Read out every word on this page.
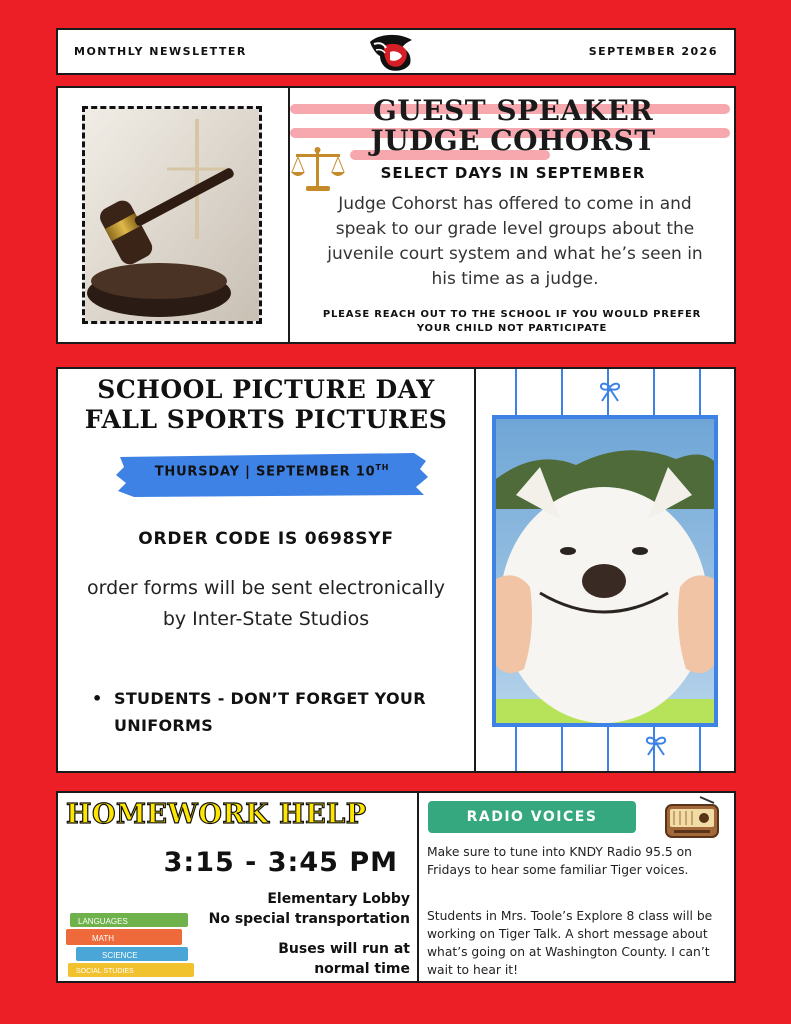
MONTHLY NEWSLETTER	SEPTEMBER 2026
GUEST SPEAKER
JUDGE COHORST
SELECT DAYS IN SEPTEMBER
Judge Cohorst has offered to come in and speak to our grade level groups about the juvenile court system and what he’s seen in his time as a judge.
PLEASE REACH OUT TO THE SCHOOL IF YOU WOULD PREFER YOUR CHILD NOT PARTICIPATE
SCHOOL PICTURE DAY
FALL SPORTS PICTURES
THURSDAY | SEPTEMBER 10TH
ORDER CODE IS 0698SYF
order forms will be sent electronically by Inter-State Studios
• STUDENTS - DON’T FORGET YOUR UNIFORMS
HOMEWORK HELP
3:15 - 3:45 PM
Elementary Lobby
No special transportation
Buses will run at
normal time
LANGUAGES
MATH
SCIENCE
SOCIAL STUDIES
RADIO VOICES
Make sure to tune into KNDY Radio 95.5 on Fridays to hear some familiar Tiger voices.
Students in Mrs. Toole’s Explore 8 class will be working on Tiger Talk. A short message about what’s going on at Washington County. I can’t wait to hear it!
